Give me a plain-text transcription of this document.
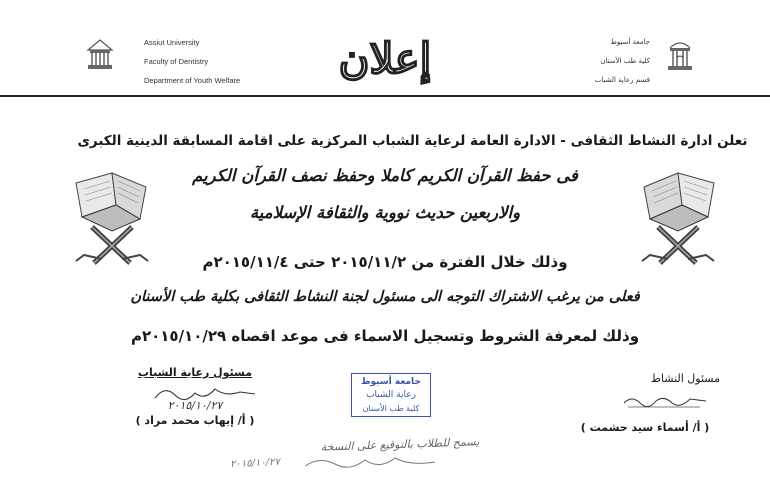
Assiut University
Faculty of Dentistry
Department of Youth Welfare إعلان	جامعة أسيوط
كلية طب الأسنان
قسم رعاية الشباب
تعلن ادارة النشاط الثقافى - الادارة العامة لرعاية الشباب المركزية على اقامة المسابقة الدينية الكبرى
فى حفظ القرآن الكريم كاملا وحفظ نصف القرآن الكريم
والاربعين حديث نووية والثقافة الإسلامية
وذلك خلال الفترة من ٢٠١٥/١١/٢ حتى ٢٠١٥/١١/٤م
فعلى من يرغب الاشتراك التوجه الى مسئول لجنة النشاط الثقافى بكلية طب الأسنان
وذلك لمعرفة الشروط وتسجيل الاسماء فى موعد اقصاه ٢٠١٥/١٠/٢٩م
مسئول رعاية الشباب
٢٠١٥/١٠/٢٧
( أ/ إيهاب محمد مراد )
جامعة أسيوط
رعاية الشباب
كلية طب الأسنان
مسئول النشاط
( أ/ أسماء سيد حشمت )
يسمح للطلاب بالتوقيع على النسخة
٢٠١٥/١٠/٢٧
